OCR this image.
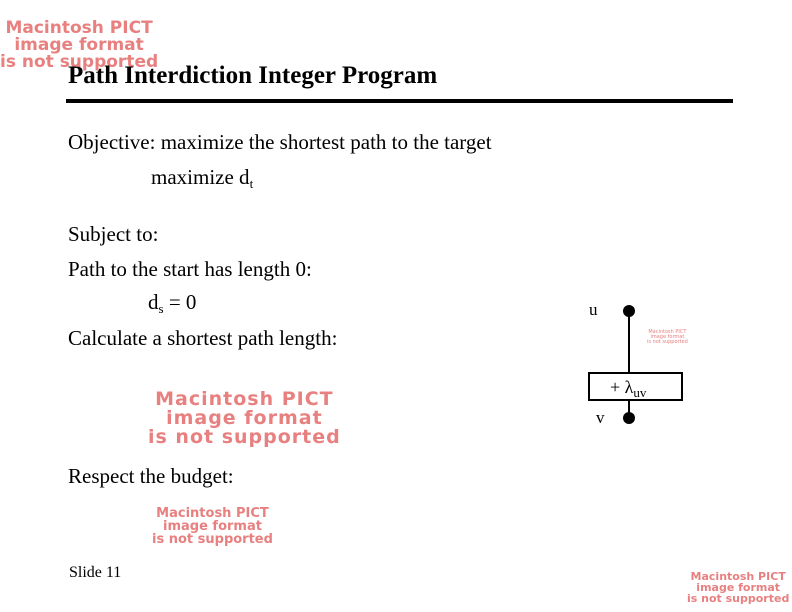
Macintosh PICT
image format
is not supported
Path Interdiction Integer Program
Objective: maximize the shortest path to the target
maximize $d_t$
Subject to:
Path to the start has length 0:
$d_s = 0$
Calculate a shortest path length:
Macintosh PICT
image format
is not supported
Respect the budget:
Macintosh PICT
image format
is not supported
Slide 11
u
Macintosh PICT
image format
is not supported
+ $\lambda_{uv}$
v
Macintosh PICT
image format
is not supported
